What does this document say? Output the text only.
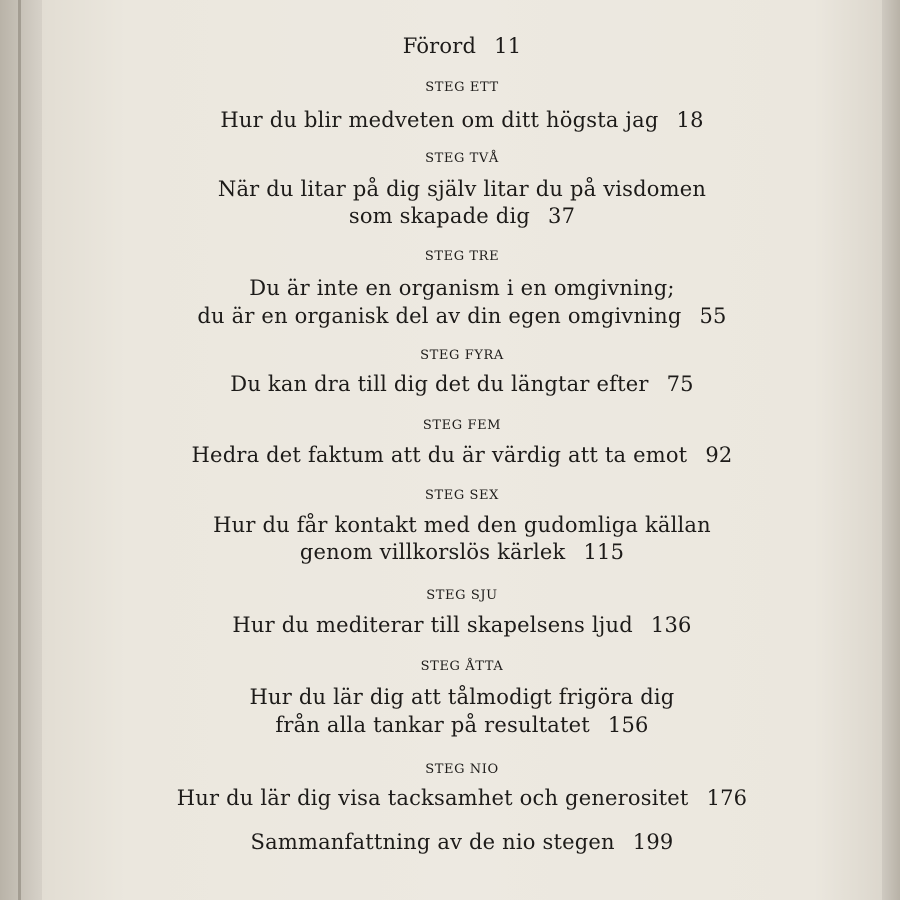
Förord 11
STEG ETT
Hur du blir medveten om ditt högsta jag 18
STEG TVÅ
När du litar på dig själv litar du på visdomen
som skapade dig 37
STEG TRE
Du är inte en organism i en omgivning;
du är en organisk del av din egen omgivning 55
STEG FYRA
Du kan dra till dig det du längtar efter 75
STEG FEM
Hedra det faktum att du är värdig att ta emot 92
STEG SEX
Hur du får kontakt med den gudomliga källan
genom villkorslös kärlek 115
STEG SJU
Hur du mediterar till skapelsens ljud 136
STEG ÅTTA
Hur du lär dig att tålmodigt frigöra dig
från alla tankar på resultatet 156
STEG NIO
Hur du lär dig visa tacksamhet och generositet 176
Sammanfattning av de nio stegen 199
